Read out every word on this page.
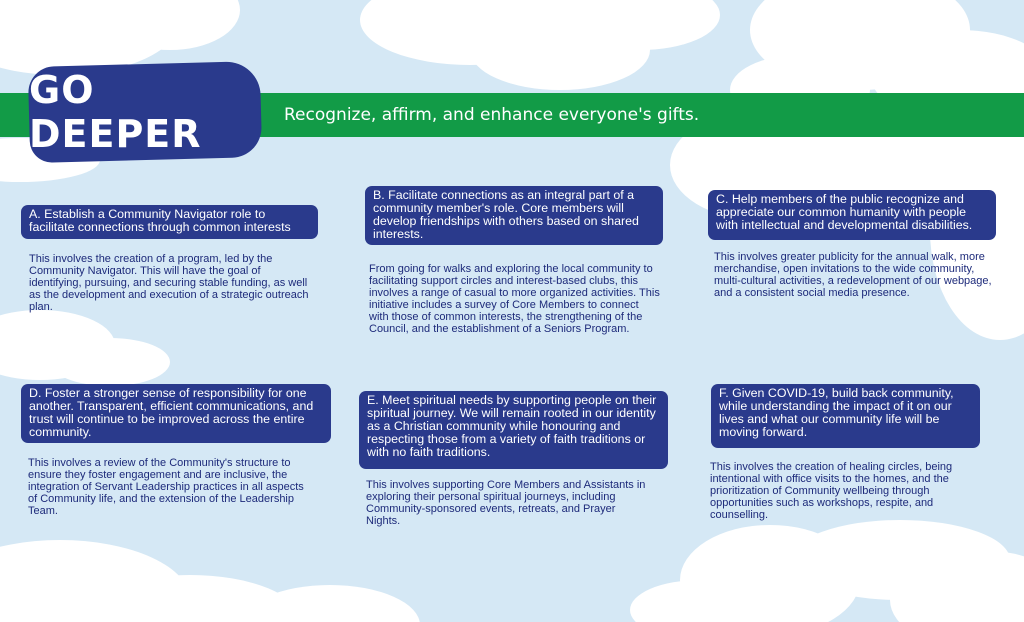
GO DEEPER	Recognize, affirm, and enhance everyone's gifts.
A. Establish a Community Navigator role to facilitate connections through common interests
This involves the creation of a program, led by the Community Navigator. This will have the goal of identifying, pursuing, and securing stable funding, as well as the development and execution of a strategic outreach plan.
B. Facilitate connections as an integral part of a community member's role. Core members will develop friendships with others based on shared interests.
From going for walks and exploring the local community to facilitating support circles and interest-based clubs, this involves a range of casual to more organized activities. This initiative includes a survey of Core Members to connect with those of common interests, the strengthening of the Council, and the establishment of a Seniors Program.
C. Help members of the public recognize and appreciate our common humanity with people with intellectual and developmental disabilities.
This involves greater publicity for the annual walk, more merchandise, open invitations to the wide community, multi-cultural activities, a redevelopment of our webpage, and a consistent social media presence.
D. Foster a stronger sense of responsibility for one another. Transparent, efficient communications, and trust will continue to be improved across the entire community.
This involves a review of the Community's structure to ensure they foster engagement and are inclusive, the integration of Servant Leadership practices in all aspects of Community life, and the extension of the Leadership Team.
E. Meet spiritual needs by supporting people on their spiritual journey. We will remain rooted in our identity as a Christian community while honouring and respecting those from a variety of faith traditions or with no faith traditions.
This involves supporting Core Members and Assistants in exploring their personal spiritual journeys, including Community-sponsored events, retreats, and Prayer Nights.
F. Given COVID-19, build back community, while understanding the impact of it on our lives and what our community life will be moving forward.
This involves the creation of healing circles, being intentional with office visits to the homes, and the prioritization of Community wellbeing through opportunities such as workshops, respite, and counselling.
